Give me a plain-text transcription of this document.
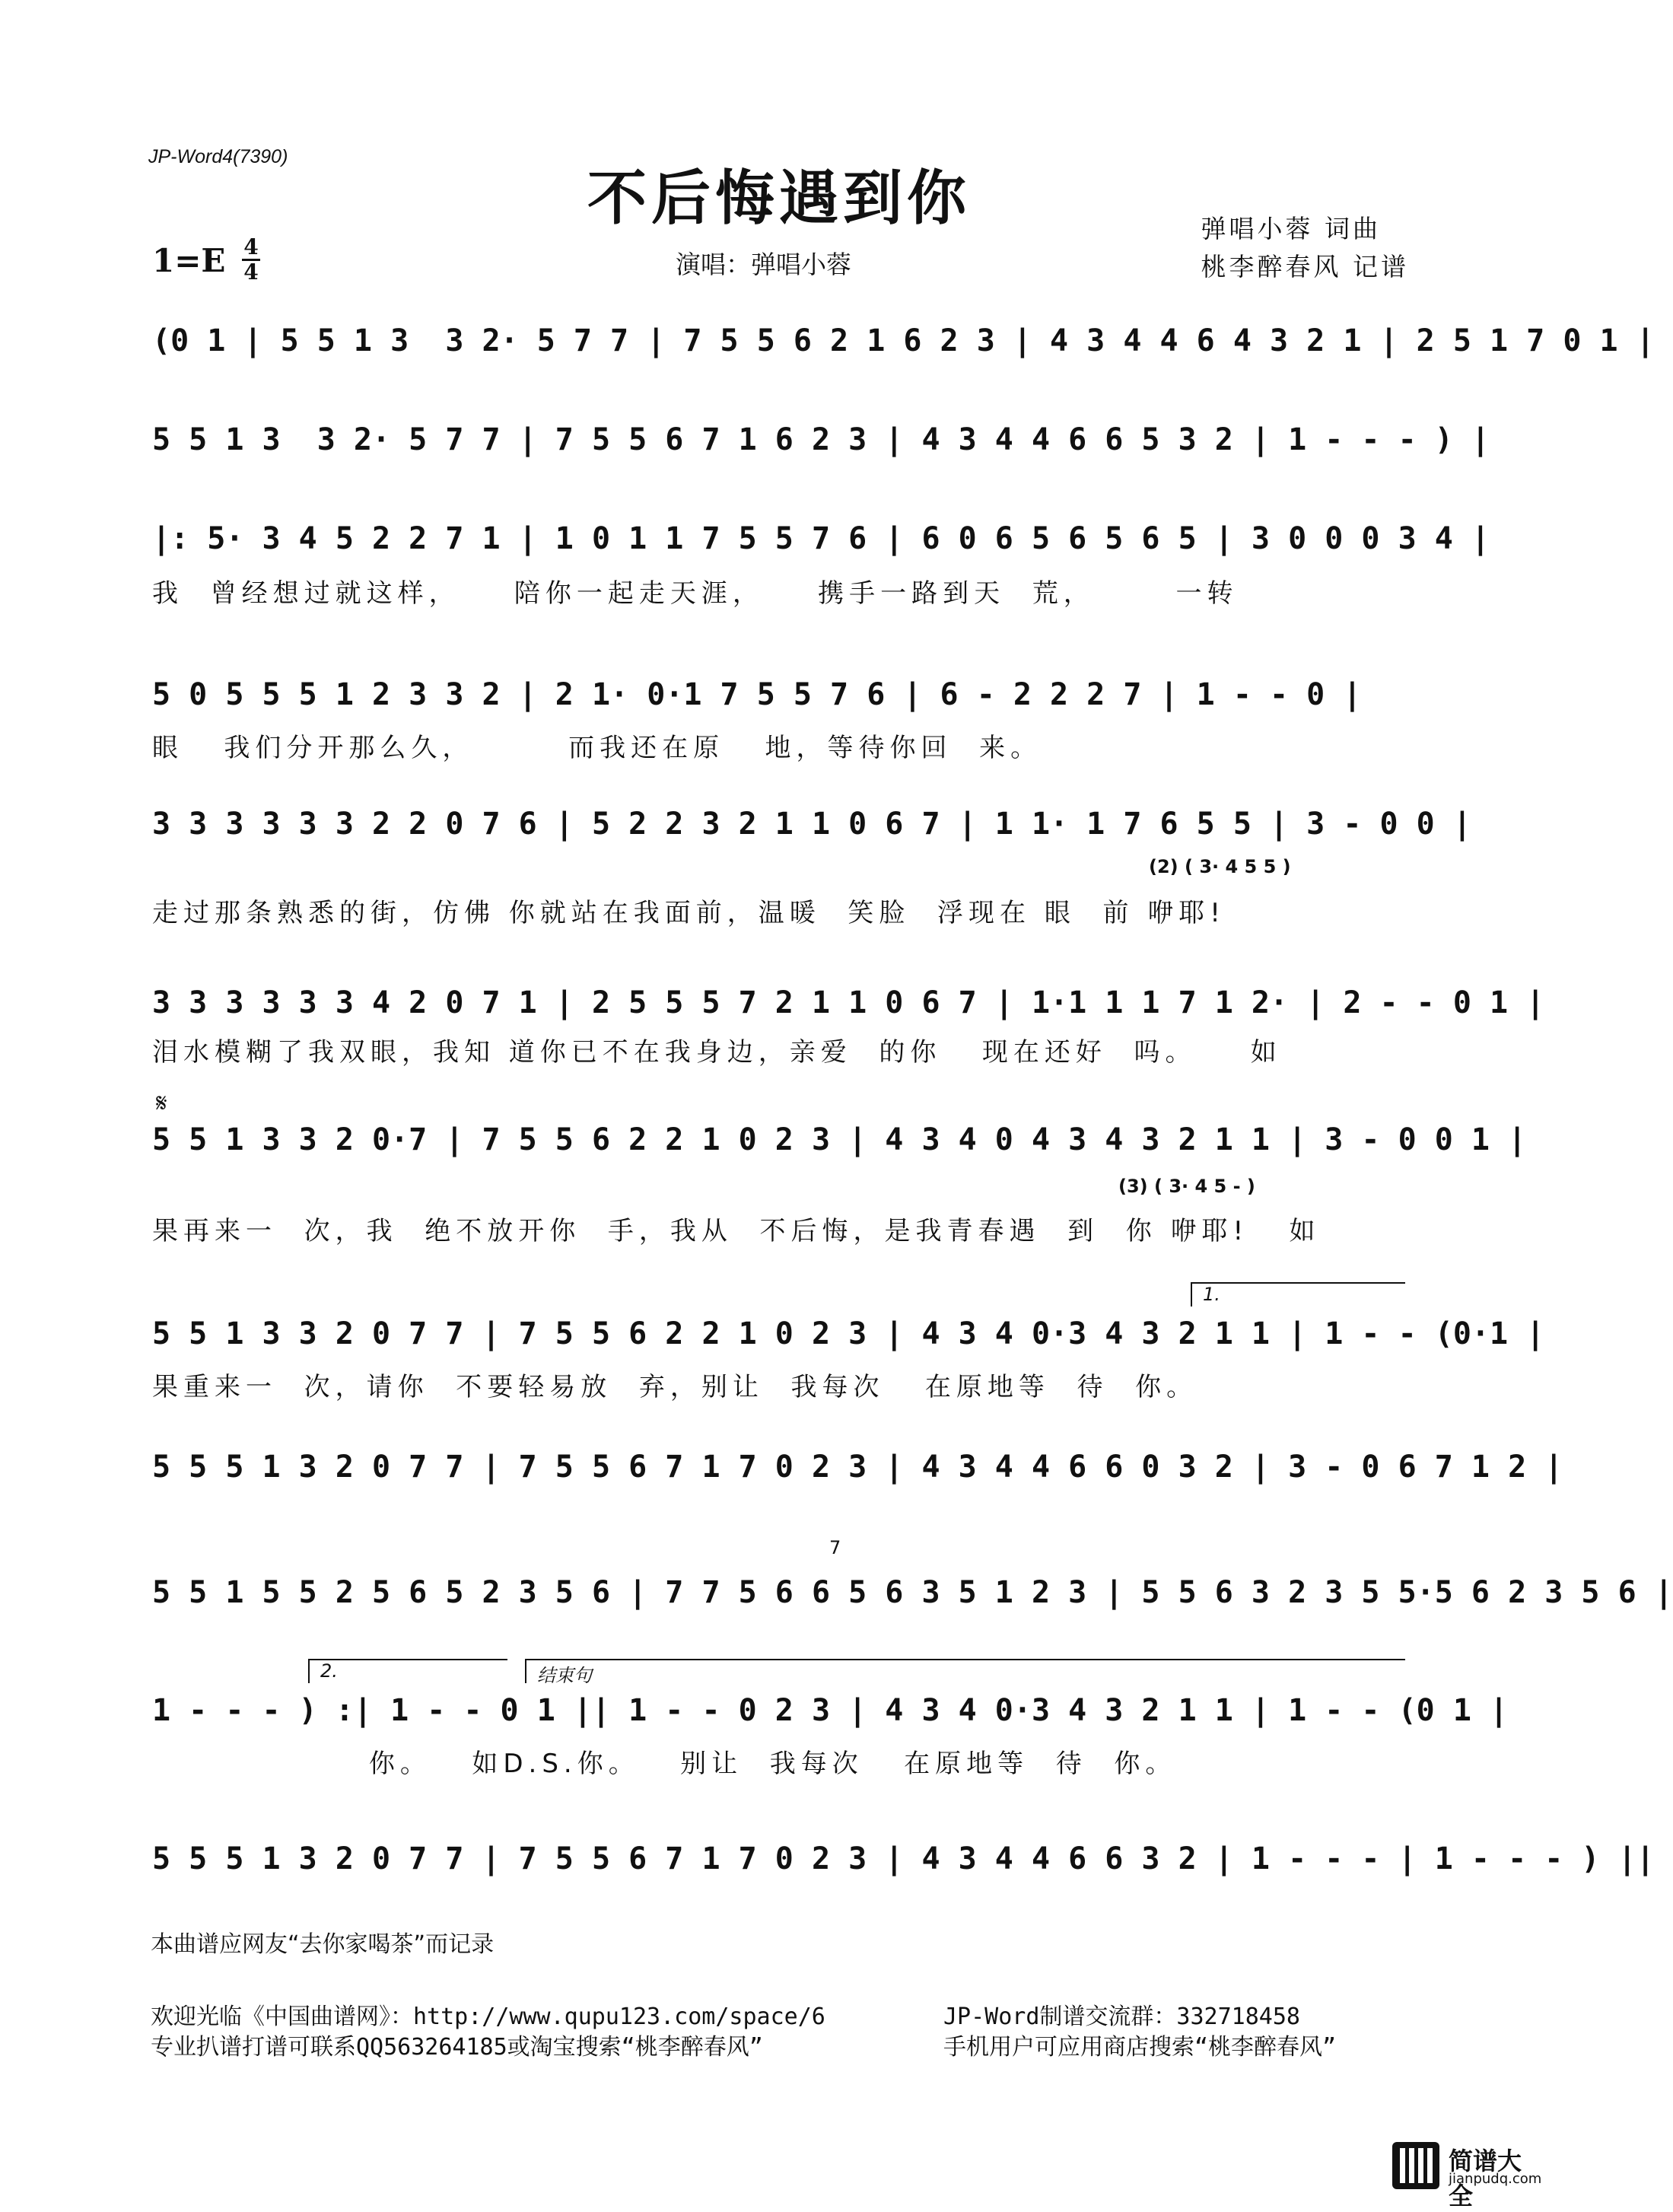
JP-Word4(7390)
不后悔遇到你
1=E 4
4	演唱：弹唱小蓉
弹唱小蓉 词曲
桃李醉春风 记谱
(0 1 | 5 5 1 3  3 2· 5 7 7 | 7 5 5 6 2 1 6 2 3 | 4 3 4 4 6 4 3 2 1 | 2 5 1 7 0 1 |
5 5 1 3  3 2· 5 7 7 | 7 5 5 6 7 1 6 2 3 | 4 3 4 4 6 6 5 3 2 | 1 - - - ) |
|: 5· 3 4 5 2 2 7 1 | 1 0 1 1 7 5 5 7 6 | 6 0 6 5 6 5 6 5 | 3 0 0 0 3 4 |
我  曾经想过就这样，    陪你一起走天涯，    携手一路到天  荒，      一转
5 0 5 5 5 1 2 3 3 2 | 2 1· 0·1 7 5 5 7 6 | 6 - 2 2 2 7 | 1 - - 0 |
眼   我们分开那么久，       而我还在原   地，等待你回  来。
3 3 3 3 3 3 2 2 0 7 6 | 5 2 2 3 2 1 1 0 6 7 | 1 1· 1 7 6 5 5 | 3 - 0 0 |
(2) ( 3· 4 5 5 )
走过那条熟悉的街，仿佛 你就站在我面前，温暖  笑脸  浮现在 眼  前 咿耶!
3 3 3 3 3 3 4 2 0 7 1 | 2 5 5 5 7 2 1 1 0 6 7 | 1·1 1 1 7 1 2· | 2 - - 0 1 |
泪水模糊了我双眼，我知 道你已不在我身边，亲爱  的你   现在还好  吗。    如
𝄋
5 5 1 3 3 2 0·7 | 7 5 5 6 2 2 1 0 2 3 | 4 3 4 0 4 3 4 3 2 1 1 | 3 - 0 0 1 |
(3) ( 3· 4 5 - )
果再来一  次，我  绝不放开你  手，我从  不后悔，是我青春遇  到  你 咿耶!   如
1.
5 5 1 3 3 2 0 7 7 | 7 5 5 6 2 2 1 0 2 3 | 4 3 4 0·3 4 3 2 1 1 | 1 - - (0·1 |
果重来一  次，请你  不要轻易放  弃，别让  我每次   在原地等  待  你。
5 5 5 1 3 2 0 7 7 | 7 5 5 6 7 1 7 0 2 3 | 4 3 4 4 6 6 0 3 2 | 3 - 0 6 7 1 2 |
7
5 5 1 5 5 2 5 6 5 2 3 5 6 | 7 7 5 6 6 5 6 3 5 1 2 3 | 5 5 6 3 2 3 5 5·5 6 2 3 5 6 |
2.	结束句
1 - - - ) :| 1 - - 0 1 || 1 - - 0 2 3 | 4 3 4 0·3 4 3 2 1 1 | 1 - - (0 1 |
你。   如D.S.你。   别让  我每次   在原地等  待  你。
5 5 5 1 3 2 0 7 7 | 7 5 5 6 7 1 7 0 2 3 | 4 3 4 4 6 6 3 2 | 1 - - - | 1 - - - ) ||
本曲谱应网友“去你家喝茶”而记录
欢迎光临《中国曲谱网》：http://www.qupu123.com/space/6
专业扒谱打谱可联系QQ563264185或淘宝搜索“桃李醉春风”
JP-Word制谱交流群：332718458
手机用户可应用商店搜索“桃李醉春风”
简谱大全
jianpudq.com
